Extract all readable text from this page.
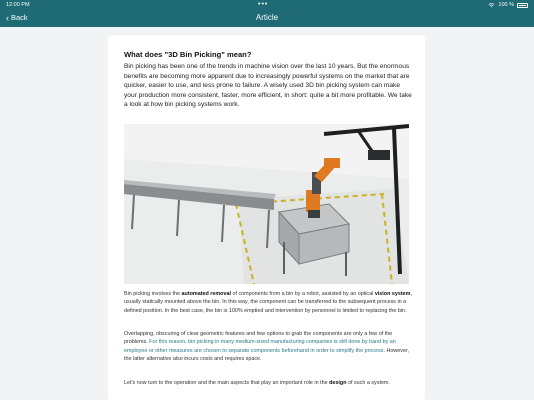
12:00 PM	•••	100 %
‹ Back	Article
What does "3D Bin Picking" mean?
Bin picking has been one of the trends in machine vision over the last 10 years. But the enormous benefits are becoming more apparent due to increasingly powerful systems on the market that are quicker, easier to use, and less prone to failure. A wisely used 3D bin picking system can make your production more consistent, faster, more efficient, in short: quite a bit more profitable. We take a look at how bin picking systems work.

Bin picking involves the automated removal of components from a bin by a robot, assisted by an optical vision system, usually statically mounted above the bin. In this way, the component can be transferred to the subsequent process in a defined position. In the best case, the bin is 100% emptied and intervention by personnel is limited to replacing the bin.

Overlapping, obscuring of clear geometric features and few options to grab the components are only a few of the problems. For this reason, bin picking in many medium-sized manufacturing companies is still done by hand by an employee or other measures are chosen to separate components beforehand in order to simplify the process. However, the latter alternative also incurs costs and requires space.

Let's now turn to the operation and the main aspects that play an important role in the design of such a system.
